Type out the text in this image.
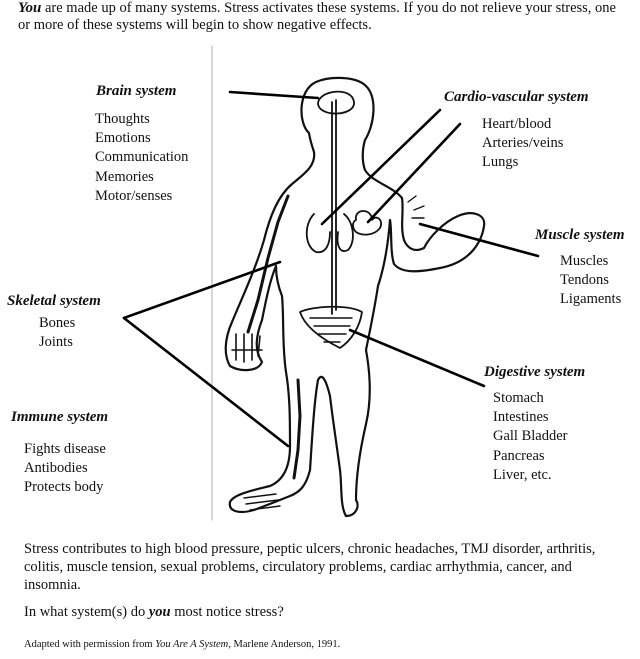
You are made up of many systems. Stress activates these systems. If you do not relieve your stress, one or more of these systems will begin to show negative effects.

Brain system

Thoughts
Emotions
Communication
Memories
Motor/senses

Cardio-vascular system

Heart/blood
Arteries/veins
Lungs

Muscle system

Muscles
Tendons
Ligaments

Skeletal system

Bones
Joints

Digestive system

Stomach
Intestines
Gall Bladder
Pancreas
Liver, etc.

Immune system

Fights disease
Antibodies
Protects body

Stress contributes to high blood pressure, peptic ulcers, chronic headaches, TMJ disorder, arthritis, colitis, muscle tension, sexual problems, circulatory problems, cardiac arrhythmia, cancer, and insomnia.

In what system(s) do you most notice stress?

Adapted with permission from You Are A System, Marlene Anderson, 1991.
